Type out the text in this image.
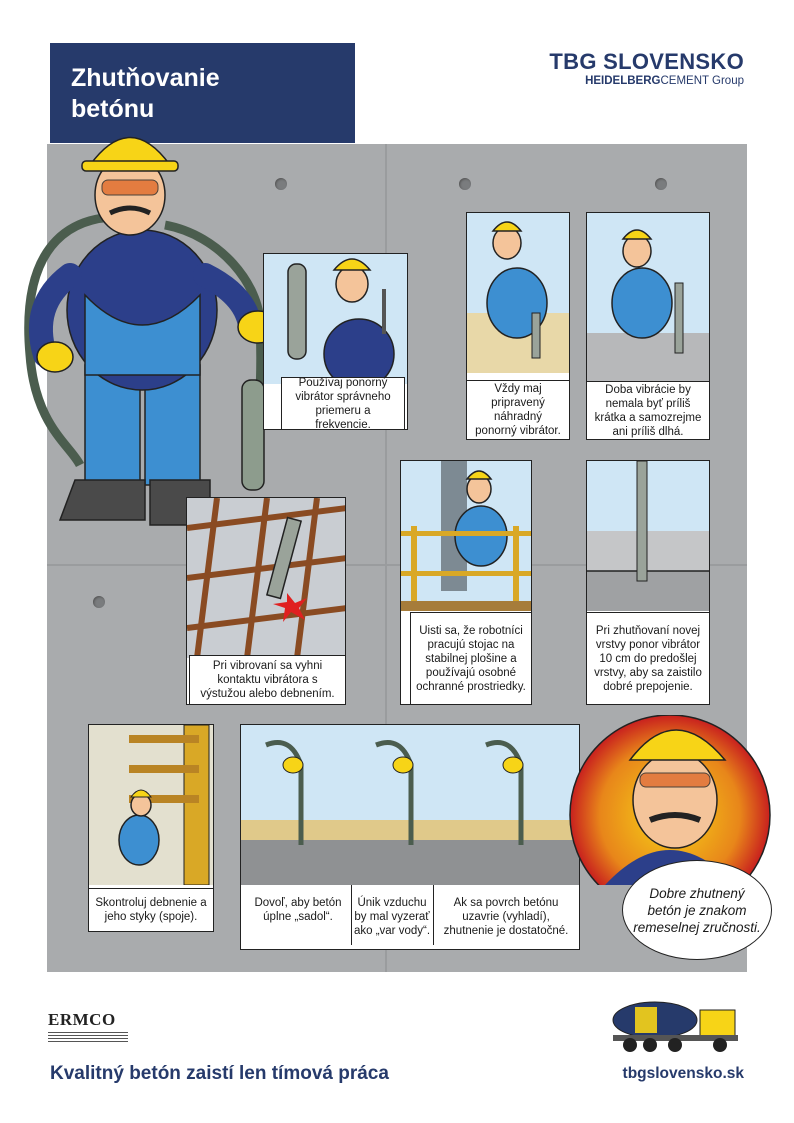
Zhutňovanie betónu
TBG SLOVENSKO
HEIDELBERGCEMENT Group
Používaj ponorný vibrátor správneho priemeru a frekvencie.
Vždy maj pripravený náhradný ponorný vibrátor.
Doba vibrácie by nemala byť príliš krátka a samozrejme ani príliš dlhá.
Pri vibrovaní sa vyhni kontaktu vibrátora s výstužou alebo debnením.
Uisti sa, že robotníci pracujú stojac na stabilnej plošine a používajú osobné ochranné prostriedky.
Pri zhutňovaní novej vrstvy ponor vibrátor 10 cm do predošlej vrstvy, aby sa zaistilo dobré prepojenie.
Skontroluj debnenie a jeho styky (spoje).
Dovoľ, aby betón úplne „sadol“.
Únik vzduchu by mal vyzerať ako „var vody“.
Ak sa povrch betónu uzavrie (vyhladí), zhutnenie je dostatočné.
Dobre zhutnený betón je znakom remeselnej zručnosti.
ERMCO
Kvalitný betón zaistí len tímová práca	tbgslovensko.sk
